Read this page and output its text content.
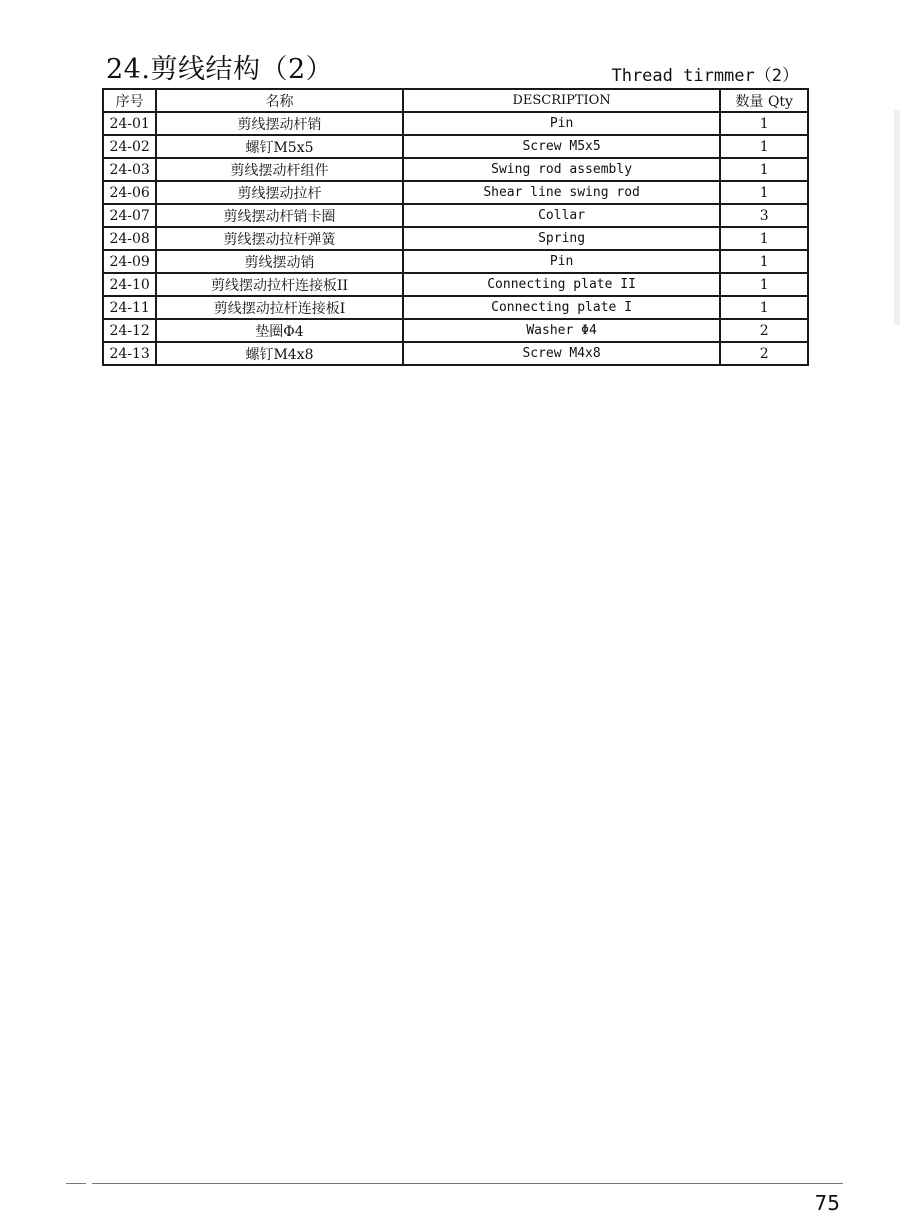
24.剪线结构（2）	Thread tirmmer（2）
序号	名称	DESCRIPTION	数量 Qty
24-01	剪线摆动杆销	Pin	1
24-02	螺钉M5x5	Screw M5x5	1
24-03	剪线摆动杆组件	Swing rod assembly	1
24-06	剪线摆动拉杆	Shear line swing rod	1
24-07	剪线摆动杆销卡圈	Collar	3
24-08	剪线摆动拉杆弹簧	Spring	1
24-09	剪线摆动销	Pin	1
24-10	剪线摆动拉杆连接板II	Connecting plate II	1
24-11	剪线摆动拉杆连接板I	Connecting plate I	1
24-12	垫圈Φ4	Washer Φ4	2
24-13	螺钉M4x8	Screw M4x8	2
75
